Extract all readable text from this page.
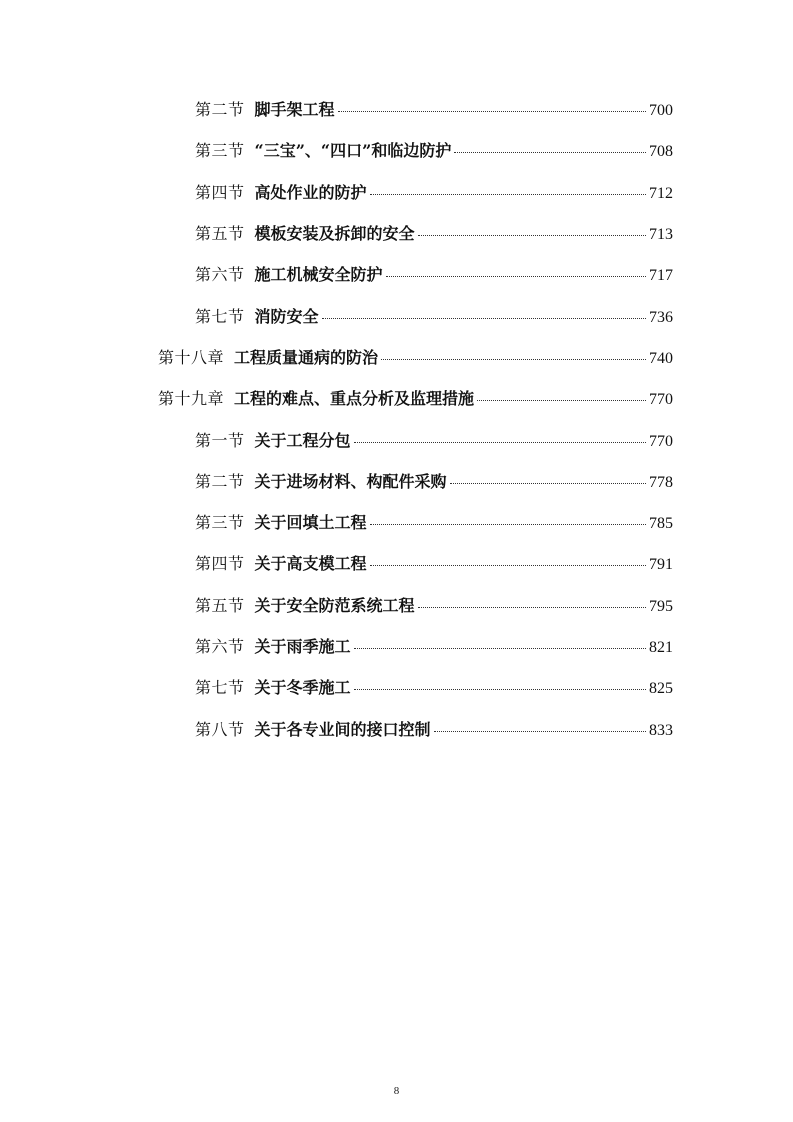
第二节 脚手架工程	700
第三节 “三宝”、“四口”和临边防护	708
第四节 高处作业的防护	712
第五节 模板安装及拆卸的安全	713
第六节 施工机械安全防护	717
第七节 消防安全	736
第十八章 工程质量通病的防治	740
第十九章 工程的难点、重点分析及监理措施	770
第一节 关于工程分包	770
第二节 关于进场材料、构配件采购	778
第三节 关于回填土工程	785
第四节 关于高支模工程	791
第五节 关于安全防范系统工程	795
第六节 关于雨季施工	821
第七节 关于冬季施工	825
第八节 关于各专业间的接口控制	833
8
